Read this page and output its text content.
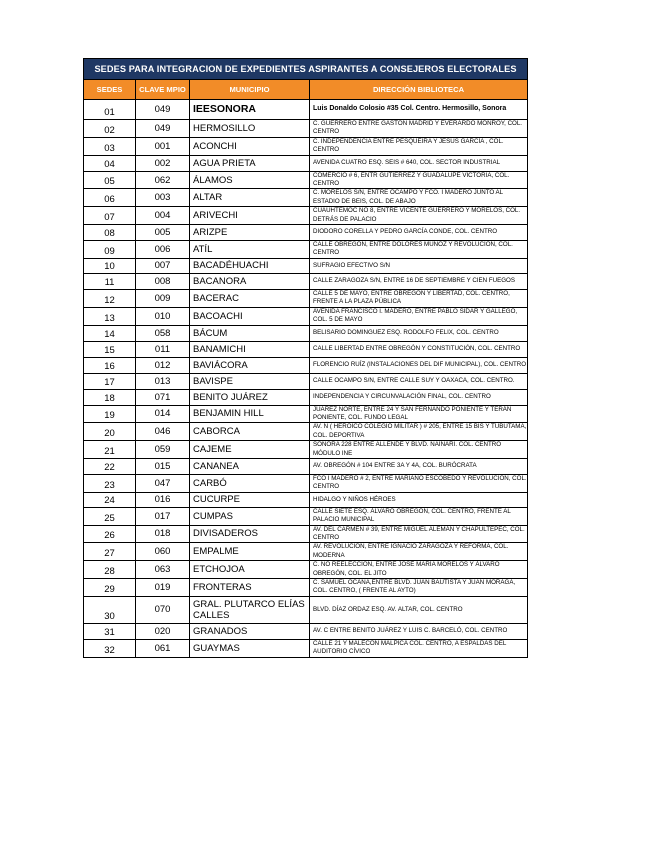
SEDES PARA INTEGRACION DE EXPEDIENTES ASPIRANTES A CONSEJEROS ELECTORALES			
SEDES	CLAVE MPIO	MUNICIPIO	DIRECCIÓN BIBLIOTECA
01	049	IEESONORA	Luis Donaldo Colosio #35 Col. Centro. Hermosillo, Sonora
02	049	HERMOSILLO	C. GUERRERO ENTRE GASTÓN MADRID Y EVERARDO MONROY, COL. CENTRO
03	001	ACONCHI	C. INDEPENDENCIA ENTRE PESQUEIRA Y JESUS GARCÍA , COL. CENTRO
04	002	AGUA PRIETA	AVENIDA CUATRO ESQ. SEIS # 640, COL. SECTOR INDUSTRIAL
05	062	ÁLAMOS	COMERCIO # 6, ENTR GUTIERREZ Y GUADALUPE VICTORIA, COL. CENTRO
06	003	ALTAR	C. MORELOS S/N, ENTRE OCAMPO Y FCO. I MADERO JUNTO AL ESTADIO DE BEIS, COL. DE ABAJO
07	004	ARIVECHI	CUAUHTEMOC NO 8, ENTRE VICENTE GUERRERO Y MORELOS, COL. DETRÁS DE PALACIO
08	005	ARIZPE	DIODORO CORELLA Y PEDRO GARCÍA CONDE, COL. CENTRO
09	006	ATÍL	CALLE OBREGÓN, ENTRE DOLORES MUÑOZ Y REVOLUCIÓN, COL. CENTRO
10	007	BACADÉHUACHI	SUFRAGIO EFECTIVO S/N
11	008	BACANORA	CALLE ZARAGOZA S/N, ENTRE 16 DE SEPTIEMBRE Y CIEN FUEGOS
12	009	BACERAC	CALLE 5 DE MAYO, ENTRE OBREGÓN Y LIBERTAD, COL. CENTRO, FRENTE A LA PLAZA PÚBLICA
13	010	BACOACHI	AVENIDA FRANCISCO I. MADERO, ENTRE PABLO SIDAR Y GALLEGO, COL. 5 DE MAYO
14	058	BÁCUM	BELISARIO DOMINGUEZ ESQ. RODOLFO FELIX, COL. CENTRO
15	011	BANAMICHI	CALLE LIBERTAD ENTRE OBREGÓN Y CONSTITUCIÓN, COL. CENTRO
16	012	BAVIÁCORA	FLORENCIO RUÍZ (INSTALACIONES DEL DIF MUNICIPAL), COL. CENTRO
17	013	BAVISPE	CALLE OCAMPO S/N, ENTRE CALLE SUY Y OAXACA, COL. CENTRO.
18	071	BENITO JUÁREZ	INDEPENDENCIA Y CIRCUNVALACIÓN FINAL, COL. CENTRO
19	014	BENJAMIN HILL	JUAREZ NORTE, ENTRE 24 Y SAN FERNANDO PONIENTE Y TERÁN PONIENTE, COL. FUNDO LEGAL
20	046	CABORCA	AV. N ( HEROICO COLEGIO MILITAR ) # 205, ENTRE 15 BIS Y TUBUTAMA, COL. DEPORTIVA
21	059	CAJEME	SONORA 228 ENTRE ALLENDE Y BLVD. NAINARI. COL. CENTRO MÓDULO INE
22	015	CANANEA	AV. OBREGÓN # 104 ENTRE 3A Y 4A, COL. BURÓCRATA
23	047	CARBÓ	FCO I MADERO # 2, ENTRE MARIANO ESCOBEDO Y REVOLUCIÓN, COL. CENTRO
24	016	CUCURPE	HIDALGO Y NIÑOS HÉROES
25	017	CUMPAS	CALLE SIETE ESQ. ÁLVARO OBREGÓN, COL. CENTRO, FRENTE AL PALACIO MUNICIPAL
26	018	DIVISADEROS	AV. DEL CARMEN # 39, ENTRE MIGUEL ALEMÁN Y CHAPULTEPEC, COL. CENTRO
27	060	EMPALME	AV. REVOLUCIÓN, ENTRE IGNACIO ZARAGOZA Y REFORMA, COL. MODERNA
28	063	ETCHOJOA	C. NO REELECCIÓN, ENTRE JOSÉ MARÍA MORELOS Y ÁLVARO OBREGÓN, COL. EL JITO
29	019	FRONTERAS	C. SAMUEL OCAÑA,ENTRE BLVD. JUAN BAUTISTA Y JUAN MORAGA, COL. CENTRO, ( FRENTE AL AYTO)
30	070	GRAL. PLUTARCO ELÍAS CALLES	BLVD. DÍAZ ORDAZ ESQ. AV. ALTAR, COL. CENTRO
31	020	GRANADOS	AV. C ENTRE BENITO JUÁREZ Y LUIS C. BARCELÓ, COL. CENTRO
32	061	GUAYMAS	CALLE 21 Y MALECÓN MALPICA COL. CENTRO, A ESPALDAS DEL AUDITORIO CÍVICO
